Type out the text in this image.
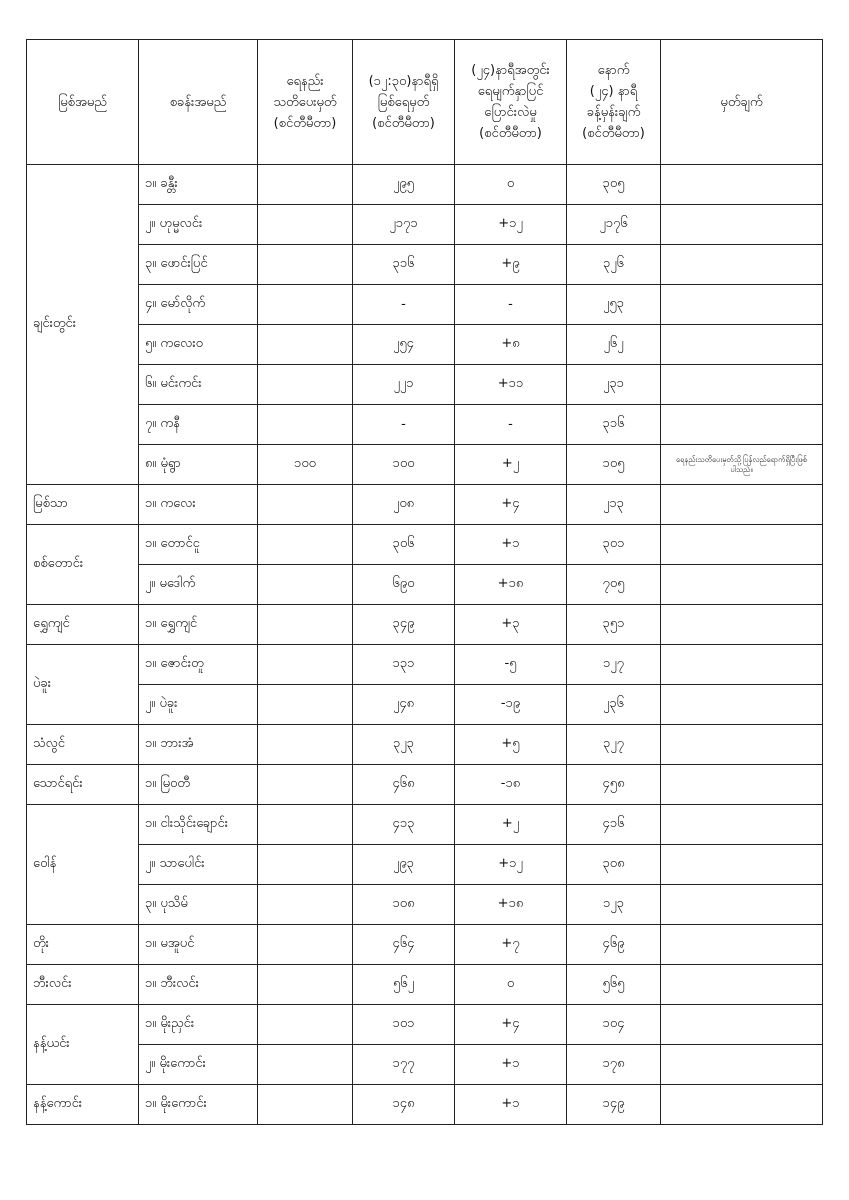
မြစ်အမည်	စခန်းအမည်	ရေနည်း
သတိပေးမှတ်
(စင်တီမီတာ)	(၁၂:၃၀)နာရီရှိ
မြစ်ရေမှတ်
(စင်တီမီတာ)	(၂၄)နာရီအတွင်း
ရေမျက်နှာပြင်
ပြောင်းလဲမှု
(စင်တီမီတာ)	နောက်
(၂၄) နာရီ
ခန့်မှန်းချက်
(စင်တီမီတာ)	မှတ်ချက်

ချင်းတွင်း	၁။ ခန္တီး		၂၉၅	၀	၃၀၅	
	၂။ ဟုမ္မလင်း		၂၁၇၁	+၁၂	၂၁၇၆	
	၃။ ဖောင်းပြင်		၃၁၆	+၉	၃၂၆	
	၄။ မော်လိုက်		-	-	၂၅၃	
	၅။ ကလေးဝ		၂၅၄	+၈	၂၆၂	
	၆။ မင်းကင်း		၂၂၁	+၁၁	၂၃၁	
	၇။ ကနီ		-	-	၃၁၆	
	၈။ မုံရွာ	၁၀၀	၁၀၀	+၂	၁၀၅	ရေနည်းသတိပေးမှတ်သို့ပြန်လည်ရောက်ရှိပြီးဖြစ်ပါသည်။
မြစ်သာ	၁။ ကလေး		၂၀၈	+၄	၂၁၃	
စစ်တောင်း	၁။ တောင်ငူ		၃၀၆	+၁	၃၀၁	
	၂။ မဒေါက်		၆၉၀	+၁၈	၇၀၅	
ရွှေကျင်	၁။ ရွှေကျင်		၃၄၉	+၃	၃၅၁	
ပဲခူး	၁။ ဇောင်းတူ		၁၃၁	-၅	၁၂၇	
	၂။ ပဲခူး		၂၄၈	-၁၉	၂၃၆	
သံလွင်	၁။ ဘားအံ		၃၂၃	+၅	၃၂၇	
သောင်ရင်း	၁။ မြဝတီ		၄၆၈	-၁၈	၄၅၈	
ဝေါန်	၁။ ငါးသိုင်းချောင်း		၄၁၃	+၂	၄၁၆	
	၂။ သာပေါင်း		၂၉၃	+၁၂	၃၀၈	
	၃။ ပုသိမ်		၁၀၈	+၁၈	၁၂၃	
တိုး	၁။ မအူပင်		၄၆၄	+၇	၄၆၉	
ဘီးလင်း	၁။ ဘီးလင်း		၅၆၂	၀	၅၆၅	
နန့်ယင်း	၁။ မိုးညှင်း		၁၀၁	+၄	၁၀၄	
	၂။ မိုးကောင်း		၁၇၇	+၁	၁၇၈	
နန့်ကောင်း	၁။ မိုးကောင်း		၁၄၈	+၁	၁၄၉	
